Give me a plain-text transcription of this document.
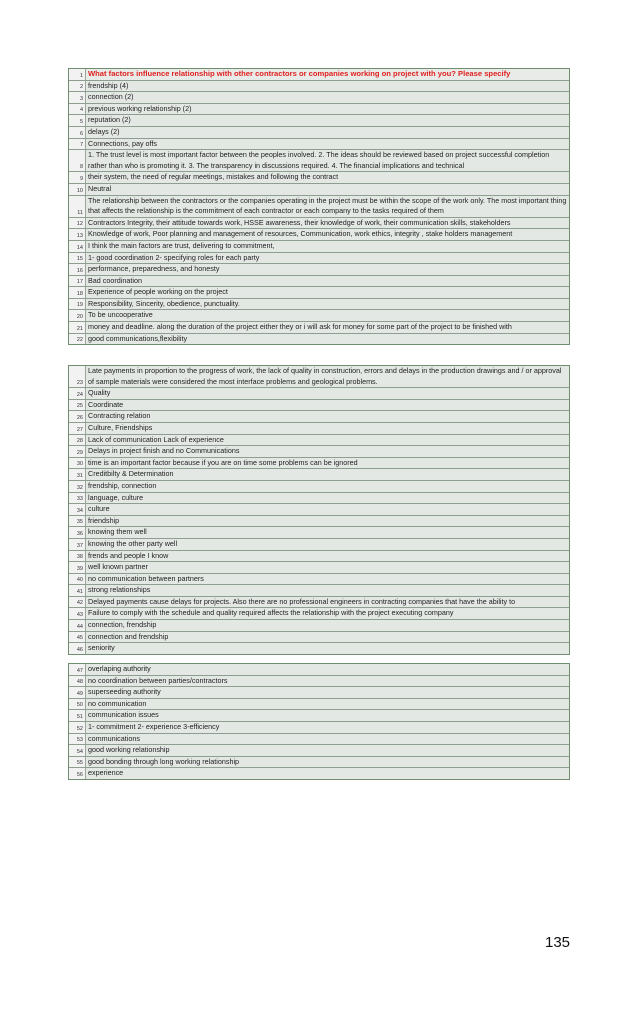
1 What factors influence relationship with other contractors or companies working on project with you? Please specify
2 frendship (4)
3 connection (2)
4 previous working relationship (2)
5 reputation (2)
6 delays (2)
7 Connections, pay offs
8
1. The trust level is most important factor between the peoples involved. 2. The ideas should be reviewed based on project successful completion rather than who is promoting it. 3. The transparency in discussions required. 4. The financial implications and technical
9 their system, the need of regular meetings, mistakes and following the contract
10 Neutral
11
The relationship between the contractors or the companies operating in the project must be within the scope of the work only. The most important thing that affects the relationship is the commitment of each contractor or each company to the tasks required of them
12 Contractors Integrity, their attitude towards work, HSSE awareness, their knowledge of work, their communication skills, stakeholders
13 Knowledge of work, Poor planning and management of resources, Communication, work ethics, integrity , stake holders management
14 I think the main factors are trust, delivering to commitment,
15 1- good coordination 2- specifying roles for each party
16 performance, preparedness, and honesty
17 Bad coordination
18 Experience of people working on the project
19 Responsibility, Sincerity, obedience, punctuality.
20 To be uncooperative
21 money and deadline. along the duration of the project either they or i will ask for money for some part of the project to be finished with
22 good communications,flexibility
23
Late payments in proportion to the progress of work, the lack of quality in construction, errors and delays in the production drawings and / or approval of sample materials were considered the most interface problems and geological problems.
24 Quality
25 Coordinate
26 Contracting relation
27 Culture, Friendships
28 Lack of communication Lack of experience
29 Delays in project finish and no Communications
30 time is an important factor because if you are on time some problems can be ignored
31 Creditbilty & Determination
32 frendship, connection
33 language, culture
34 culture
35 friendship
36 knowing them well
37 knowing the other party well
38 frends and people I know
39 well known partner
40 no communication between partners
41 strong relationships
42 Delayed payments cause delays for projects. Also there are no professional engineers in contracting companies that have the ability to
43 Failure to comply with the schedule and quality required affects the relationship with the project executing company
44 connection, frendship
45 connection and frendship
46 seniority
47 overlaping authority
48 no coordination between parties/contractors
49 superseeding authority
50 no communication
51 communication issues
52 1- commitment 2- experience 3-efficiency
53 communications
54 good working relationship
55 good bonding through long working relationship
56 experience
135
